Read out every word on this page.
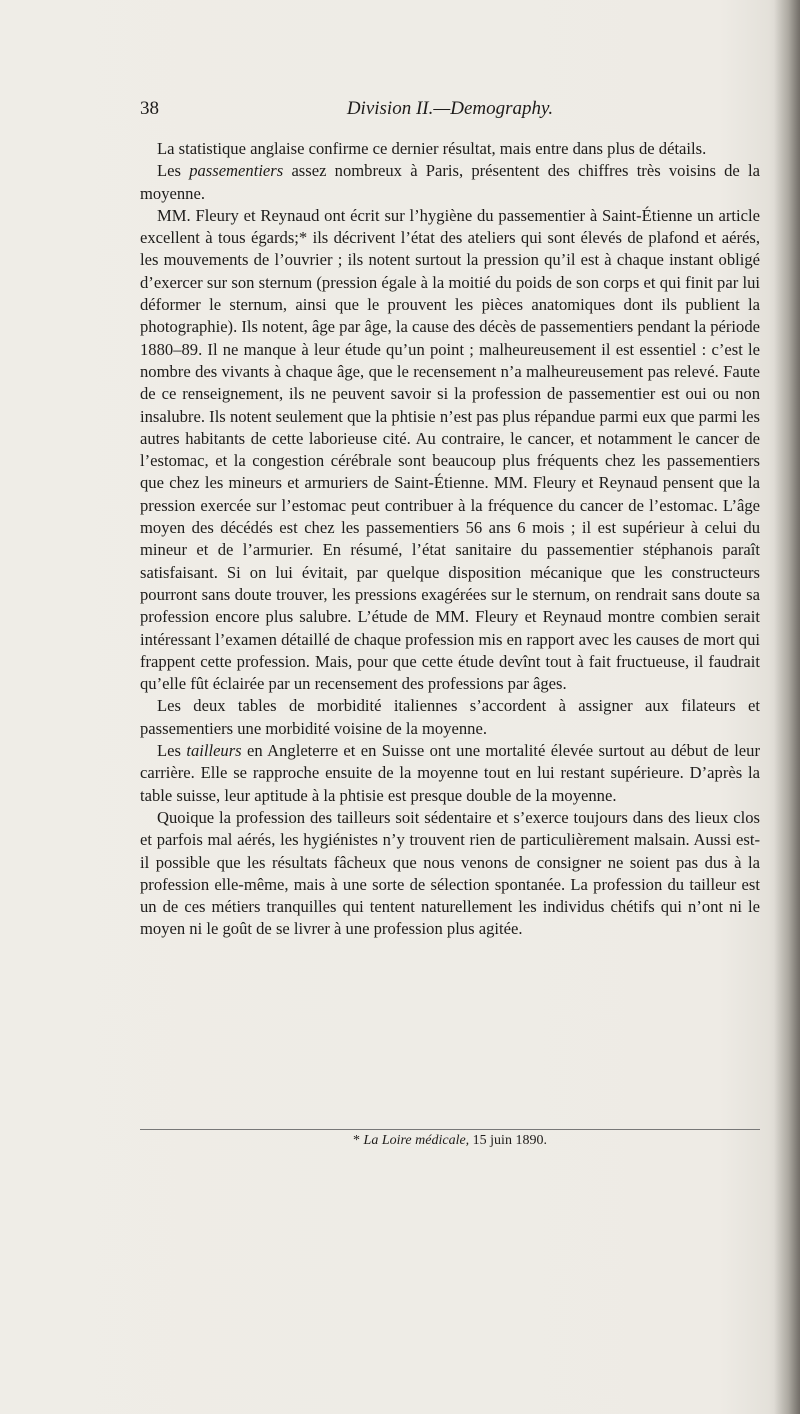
38	Division II.—Demography.

La statistique anglaise confirme ce dernier résultat, mais entre dans plus de détails.

Les passementiers assez nombreux à Paris, présentent des chiffres très voisins de la moyenne.

MM. Fleury et Reynaud ont écrit sur l’hygiène du passementier à Saint-Étienne un article excellent à tous égards;* ils décrivent l’état des ateliers qui sont élevés de plafond et aérés, les mouvements de l’ouvrier ; ils notent surtout la pression qu’il est à chaque instant obligé d’exercer sur son sternum (pression égale à la moitié du poids de son corps et qui finit par lui déformer le sternum, ainsi que le prouvent les pièces anatomiques dont ils publient la photographie). Ils notent, âge par âge, la cause des décès de passementiers pendant la période 1880–89. Il ne manque à leur étude qu’un point ; malheureusement il est essentiel : c’est le nombre des vivants à chaque âge, que le recensement n’a malheureusement pas relevé. Faute de ce renseignement, ils ne peuvent savoir si la profession de passementier est oui ou non insalubre. Ils notent seulement que la phtisie n’est pas plus répandue parmi eux que parmi les autres habitants de cette laborieuse cité. Au contraire, le cancer, et notamment le cancer de l’estomac, et la congestion cérébrale sont beaucoup plus fréquents chez les passementiers que chez les mineurs et armuriers de Saint-Étienne. MM. Fleury et Reynaud pensent que la pression exercée sur l’estomac peut contribuer à la fréquence du cancer de l’estomac. L’âge moyen des décédés est chez les passementiers 56 ans 6 mois ; il est supérieur à celui du mineur et de l’armurier. En résumé, l’état sanitaire du passementier stéphanois paraît satisfaisant. Si on lui évitait, par quelque disposition mécanique que les constructeurs pourront sans doute trouver, les pressions exagérées sur le sternum, on rendrait sans doute sa profession encore plus salubre. L’étude de MM. Fleury et Reynaud montre combien serait intéressant l’examen détaillé de chaque profession mis en rapport avec les causes de mort qui frappent cette profession. Mais, pour que cette étude devînt tout à fait fructueuse, il faudrait qu’elle fût éclairée par un recensement des professions par âges.

Les deux tables de morbidité italiennes s’accordent à assigner aux filateurs et passementiers une morbidité voisine de la moyenne.

Les tailleurs en Angleterre et en Suisse ont une mortalité élevée surtout au début de leur carrière. Elle se rapproche ensuite de la moyenne tout en lui restant supérieure. D’après la table suisse, leur aptitude à la phtisie est presque double de la moyenne.

Quoique la profession des tailleurs soit sédentaire et s’exerce toujours dans des lieux clos et parfois mal aérés, les hygiénistes n’y trouvent rien de particulièrement malsain. Aussi est-il possible que les résultats fâcheux que nous venons de consigner ne soient pas dus à la profession elle-même, mais à une sorte de sélection spontanée. La profession du tailleur est un de ces métiers tranquilles qui tentent naturellement les individus chétifs qui n’ont ni le moyen ni le goût de se livrer à une profession plus agitée.

* La Loire médicale, 15 juin 1890.
